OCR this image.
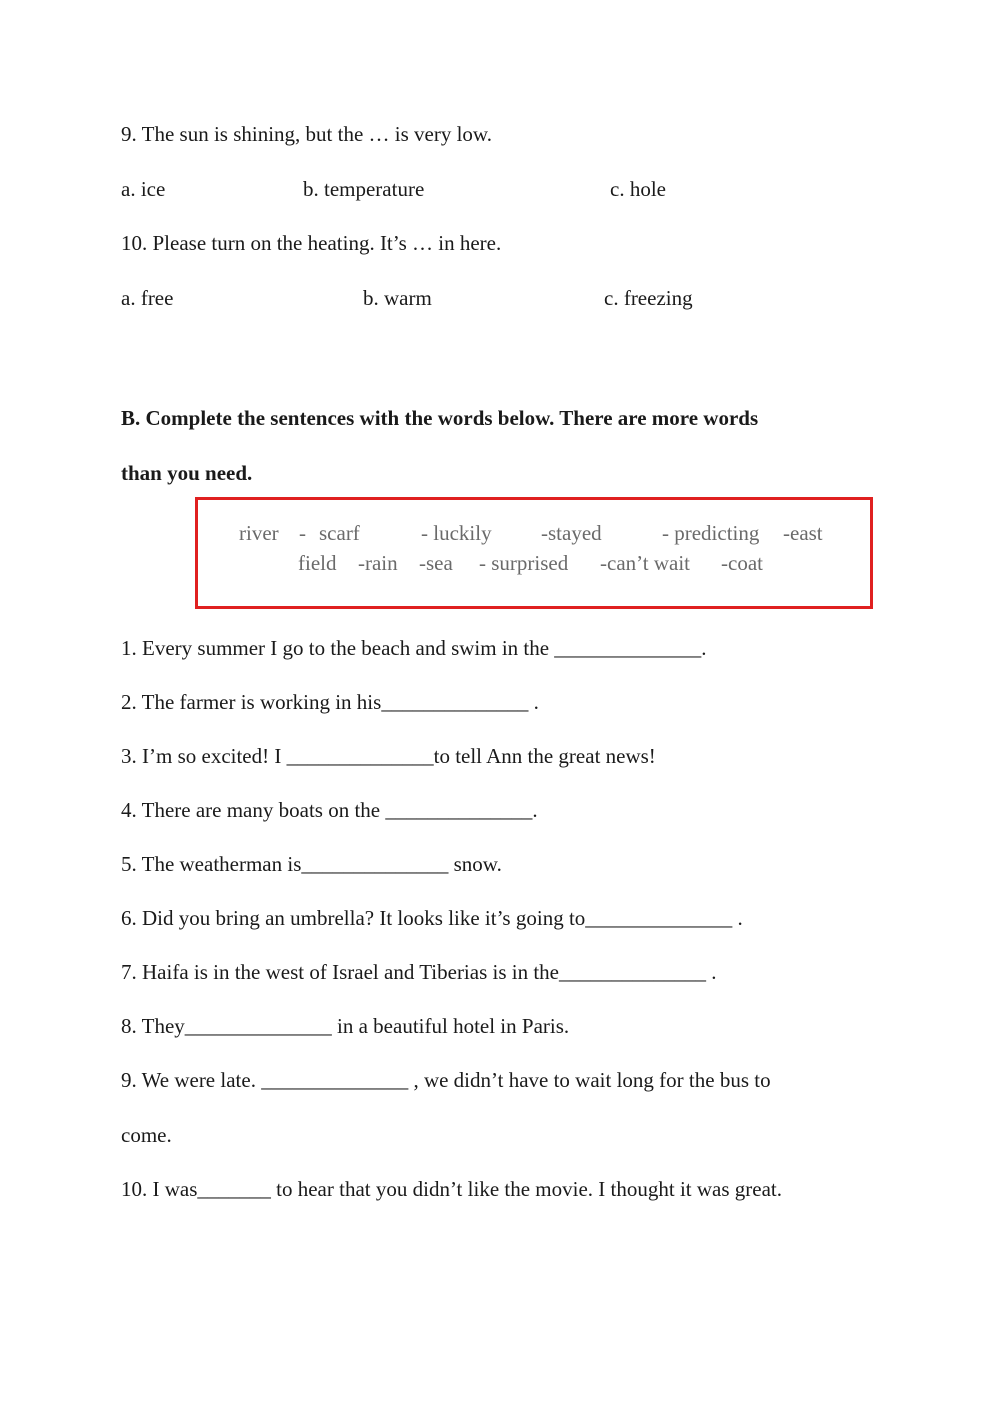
9. The sun is shining, but the … is very low.
a. ice	b. temperature	c. hole
10. Please turn on the heating. It’s … in here.
a. free	b. warm	c. freezing
B. Complete the sentences with the words below. There are more words
than you need.
river - scarf	- luckily -stayed	- predicting -east
field -rain -sea - surprised -can’t wait -coat
1. Every summer I go to the beach and swim in the ______________.
2. The farmer is working in his______________ .
3. I’m so excited! I ______________to tell Ann the great news!
4. There are many boats on the ______________.
5. The weatherman is______________ snow.
6. Did you bring an umbrella? It looks like it’s going to______________ .
7. Haifa is in the west of Israel and Tiberias is in the______________ .
8. They______________ in a beautiful hotel in Paris.
9. We were late. ______________ , we didn’t have to wait long for the bus to
come.
10. I was_______ to hear that you didn’t like the movie. I thought it was great.
